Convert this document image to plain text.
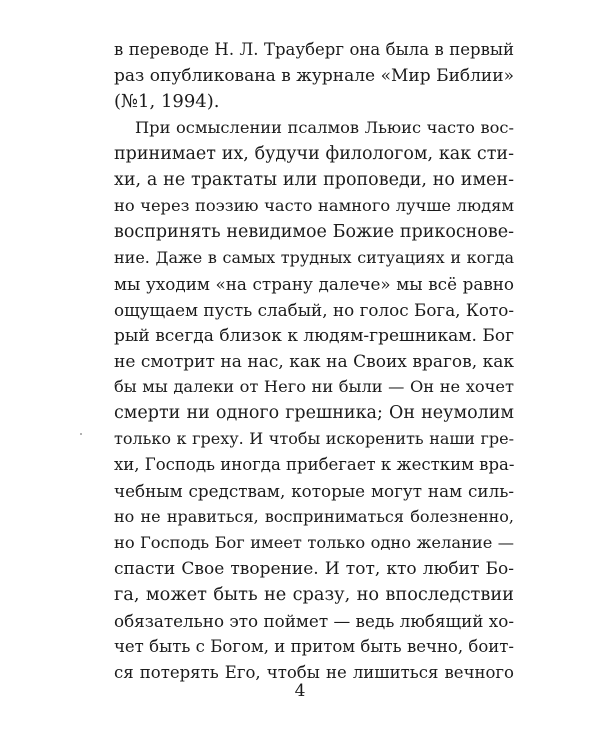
в переводе Н. Л. Трауберг она была в первый
раз опубликована в журнале «Мир Библии»
(№1, 1994).
При осмыслении псалмов Льюис часто вос-
принимает их, будучи филологом, как сти-
хи, а не трактаты или проповеди, но имен-
но через поэзию часто намного лучше людям
воспринять невидимое Божие прикоснове-
ние. Даже в самых трудных ситуациях и когда
мы уходим «на страну далече» мы всё равно
ощущаем пусть слабый, но голос Бога, Кото-
рый всегда близок к людям-грешникам. Бог
не смотрит на нас, как на Своих врагов, как
бы мы далеки от Него ни были — Он не хочет
смерти ни одного грешника; Он неумолим
только к греху. И чтобы искоренить наши гре-
хи, Господь иногда прибегает к жестким вра-
чебным средствам, которые могут нам силь-
но не нравиться, восприниматься болезненно,
но Господь Бог имеет только одно желание —
спасти Свое творение. И тот, кто любит Бо-
га, может быть не сразу, но впоследствии
обязательно это поймет — ведь любящий хо-
чет быть с Богом, и притом быть вечно, боит-
ся потерять Его, чтобы не лишиться вечного
4
